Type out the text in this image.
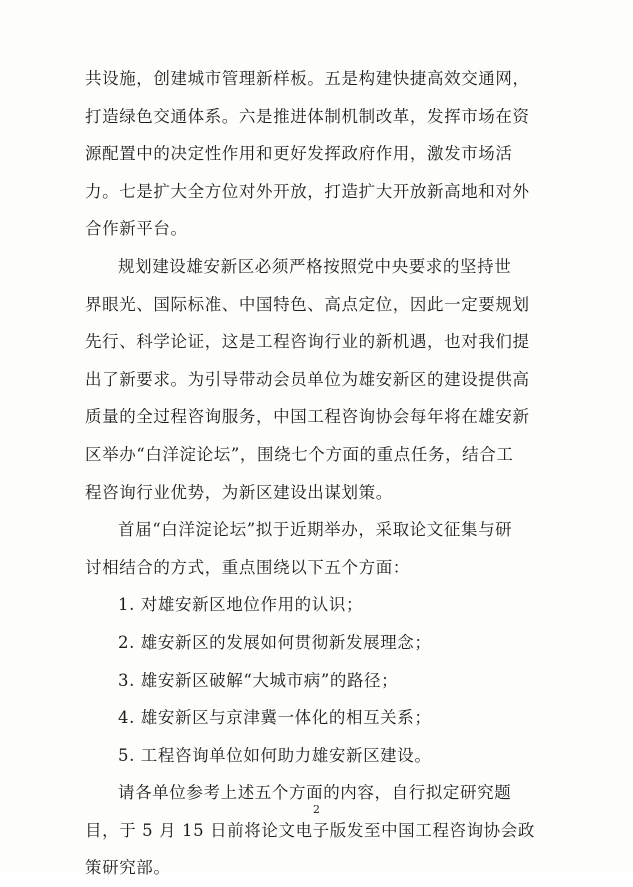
共设施，创建城市管理新样板。五是构建快捷高效交通网，
打造绿色交通体系。六是推进体制机制改革，发挥市场在资
源配置中的决定性作用和更好发挥政府作用，激发市场活
力。七是扩大全方位对外开放，打造扩大开放新高地和对外
合作新平台。
规划建设雄安新区必须严格按照党中央要求的坚持世
界眼光、国际标准、中国特色、高点定位，因此一定要规划
先行、科学论证，这是工程咨询行业的新机遇，也对我们提
出了新要求。为引导带动会员单位为雄安新区的建设提供高
质量的全过程咨询服务，中国工程咨询协会每年将在雄安新
区举办“白洋淀论坛”，围绕七个方面的重点任务，结合工
程咨询行业优势，为新区建设出谋划策。
首届“白洋淀论坛”拟于近期举办，采取论文征集与研
讨相结合的方式，重点围绕以下五个方面：
1. 对雄安新区地位作用的认识；
2. 雄安新区的发展如何贯彻新发展理念；
3. 雄安新区破解“大城市病”的路径；
4. 雄安新区与京津冀一体化的相互关系；
5. 工程咨询单位如何助力雄安新区建设。
请各单位参考上述五个方面的内容，自行拟定研究题
目，于 5 月 15 日前将论文电子版发至中国工程咨询协会政
策研究部。
2
